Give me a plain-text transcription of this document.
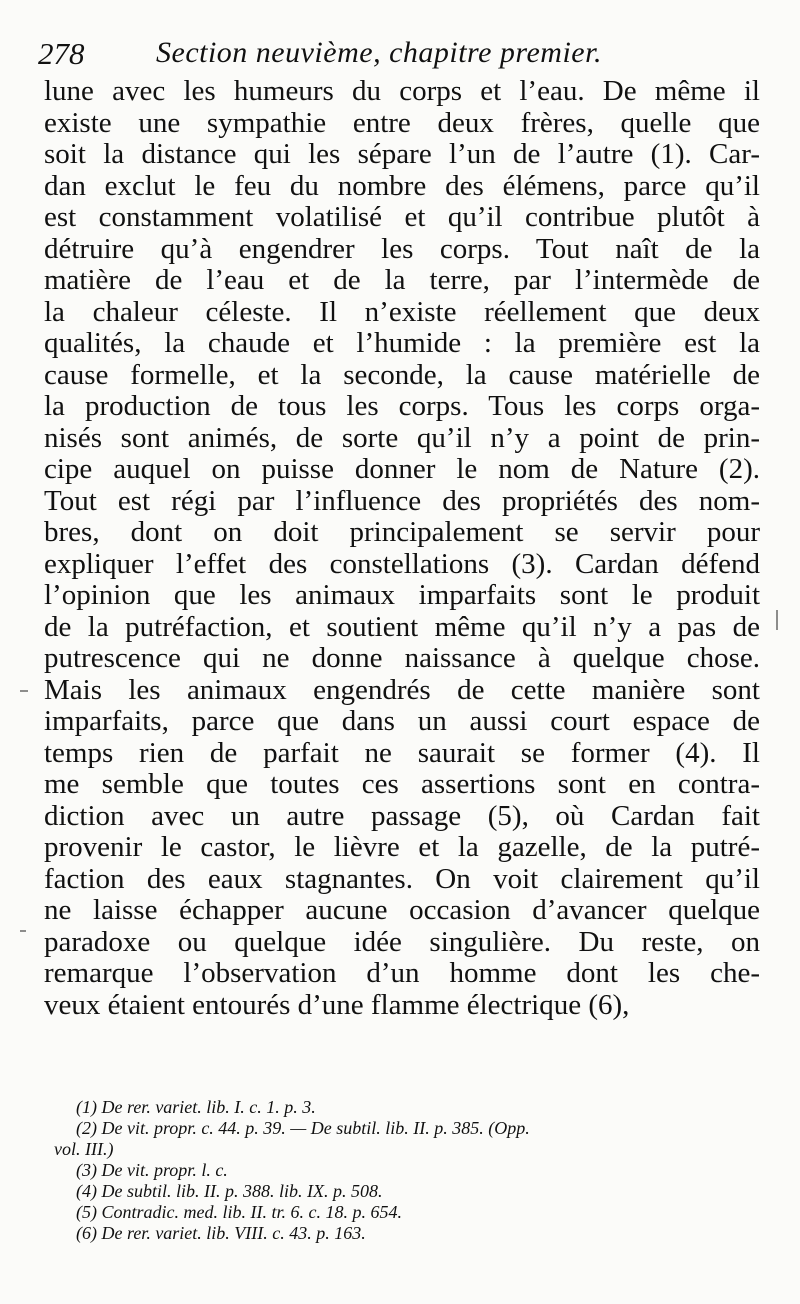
278 Section neuvième, chapitre premier.
lune avec les humeurs du corps et l’eau. De même il
existe une sympathie entre deux frères, quelle que
soit la distance qui les sépare l’un de l’autre (1). Car-
dan exclut le feu du nombre des élémens, parce qu’il
est constamment volatilisé et qu’il contribue plutôt à
détruire qu’à engendrer les corps. Tout naît de la
matière de l’eau et de la terre, par l’intermède de
la chaleur céleste. Il n’existe réellement que deux
qualités, la chaude et l’humide : la première est la
cause formelle, et la seconde, la cause matérielle de
la production de tous les corps. Tous les corps orga-
nisés sont animés, de sorte qu’il n’y a point de prin-
cipe auquel on puisse donner le nom de Nature (2).
Tout est régi par l’influence des propriétés des nom-
bres, dont on doit principalement se servir pour
expliquer l’effet des constellations (3). Cardan défend
l’opinion que les animaux imparfaits sont le produit
de la putréfaction, et soutient même qu’il n’y a pas de
putrescence qui ne donne naissance à quelque chose.
Mais les animaux engendrés de cette manière sont
imparfaits, parce que dans un aussi court espace de
temps rien de parfait ne saurait se former (4). Il
me semble que toutes ces assertions sont en contra-
diction avec un autre passage (5), où Cardan fait
provenir le castor, le lièvre et la gazelle, de la putré-
faction des eaux stagnantes. On voit clairement qu’il
ne laisse échapper aucune occasion d’avancer quelque
paradoxe ou quelque idée singulière. Du reste, on
remarque l’observation d’un homme dont les che-
veux étaient entourés d’une flamme électrique (6),
(1) De rer. variet. lib. I. c. 1. p. 3.
(2) De vit. propr. c. 44. p. 39. — De subtil. lib. II. p. 385. (Opp.
vol. III.)
(3) De vit. propr. l. c.
(4) De subtil. lib. II. p. 388. lib. IX. p. 508.
(5) Contradic. med. lib. II. tr. 6. c. 18. p. 654.
(6) De rer. variet. lib. VIII. c. 43. p. 163.
